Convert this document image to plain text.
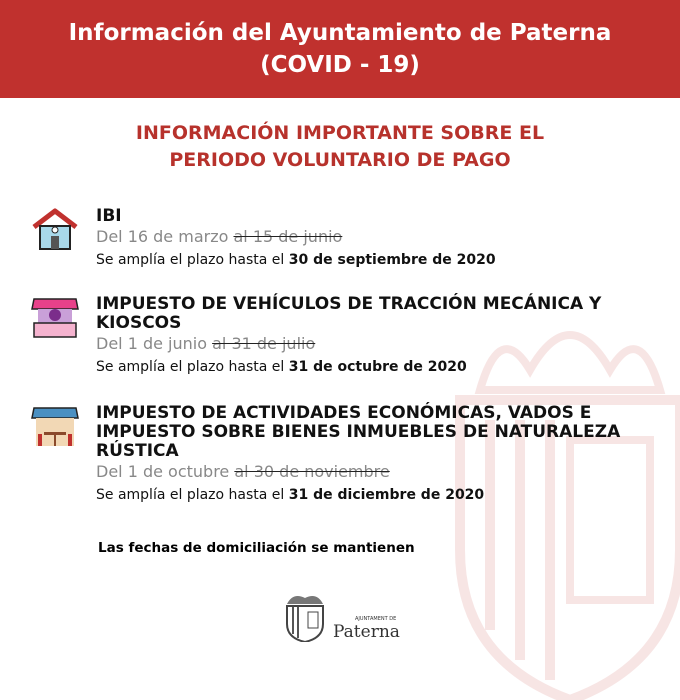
Información del Ayuntamiento de Paterna
(COVID - 19)
INFORMACIÓN IMPORTANTE SOBRE EL
PERIODO VOLUNTARIO DE PAGO
IBI
Del 16 de marzo al 15 de junio
Se amplía el plazo hasta el 30 de septiembre de 2020
IMPUESTO DE VEHÍCULOS DE TRACCIÓN MECÁNICA Y KIOSCOS
Del 1 de junio al 31 de julio
Se amplía el plazo hasta el 31 de octubre de 2020
IMPUESTO DE ACTIVIDADES ECONÓMICAS, VADOS E IMPUESTO SOBRE BIENES INMUEBLES DE NATURALEZA RÚSTICA
Del 1 de octubre al 30 de noviembre
Se amplía el plazo hasta el 31 de diciembre de 2020
Las fechas de domiciliación se mantienen
AJUNTAMENT DE
Paterna
